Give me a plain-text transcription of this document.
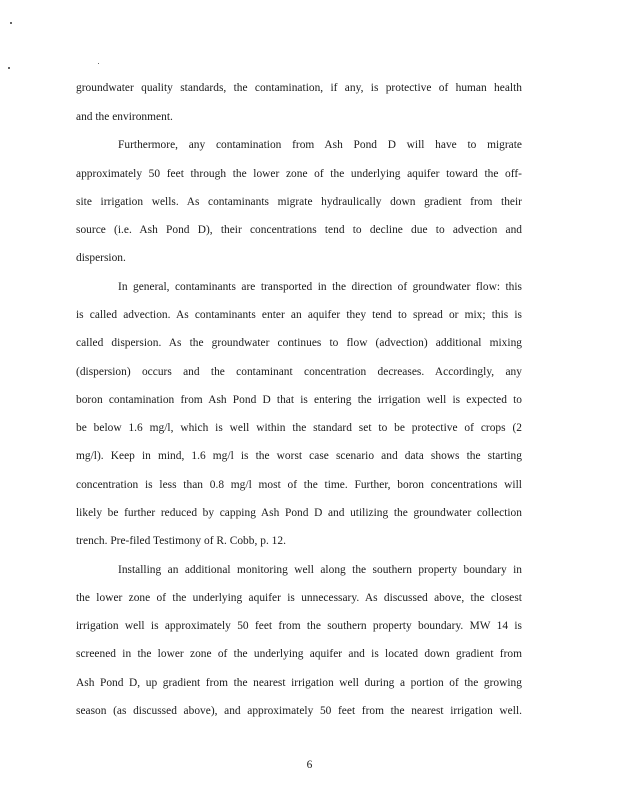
groundwater quality standards, the contamination, if any, is protective of human health
and the environment.
Furthermore, any contamination from Ash Pond D will have to migrate
approximately 50 feet through the lower zone of the underlying aquifer toward the off-
site irrigation wells. As contaminants migrate hydraulically down gradient from their
source (i.e. Ash Pond D), their concentrations tend to decline due to advection and
dispersion.
In general, contaminants are transported in the direction of groundwater flow: this
is called advection. As contaminants enter an aquifer they tend to spread or mix; this is
called dispersion. As the groundwater continues to flow (advection) additional mixing
(dispersion) occurs and the contaminant concentration decreases. Accordingly, any
boron contamination from Ash Pond D that is entering the irrigation well is expected to
be below 1.6 mg/l, which is well within the standard set to be protective of crops (2
mg/l). Keep in mind, 1.6 mg/l is the worst case scenario and data shows the starting
concentration is less than 0.8 mg/l most of the time. Further, boron concentrations will
likely be further reduced by capping Ash Pond D and utilizing the groundwater collection
trench. Pre-filed Testimony of R. Cobb, p. 12.
Installing an additional monitoring well along the southern property boundary in
the lower zone of the underlying aquifer is unnecessary. As discussed above, the closest
irrigation well is approximately 50 feet from the southern property boundary. MW 14 is
screened in the lower zone of the underlying aquifer and is located down gradient from
Ash Pond D, up gradient from the nearest irrigation well during a portion of the growing
season (as discussed above), and approximately 50 feet from the nearest irrigation well.
6
